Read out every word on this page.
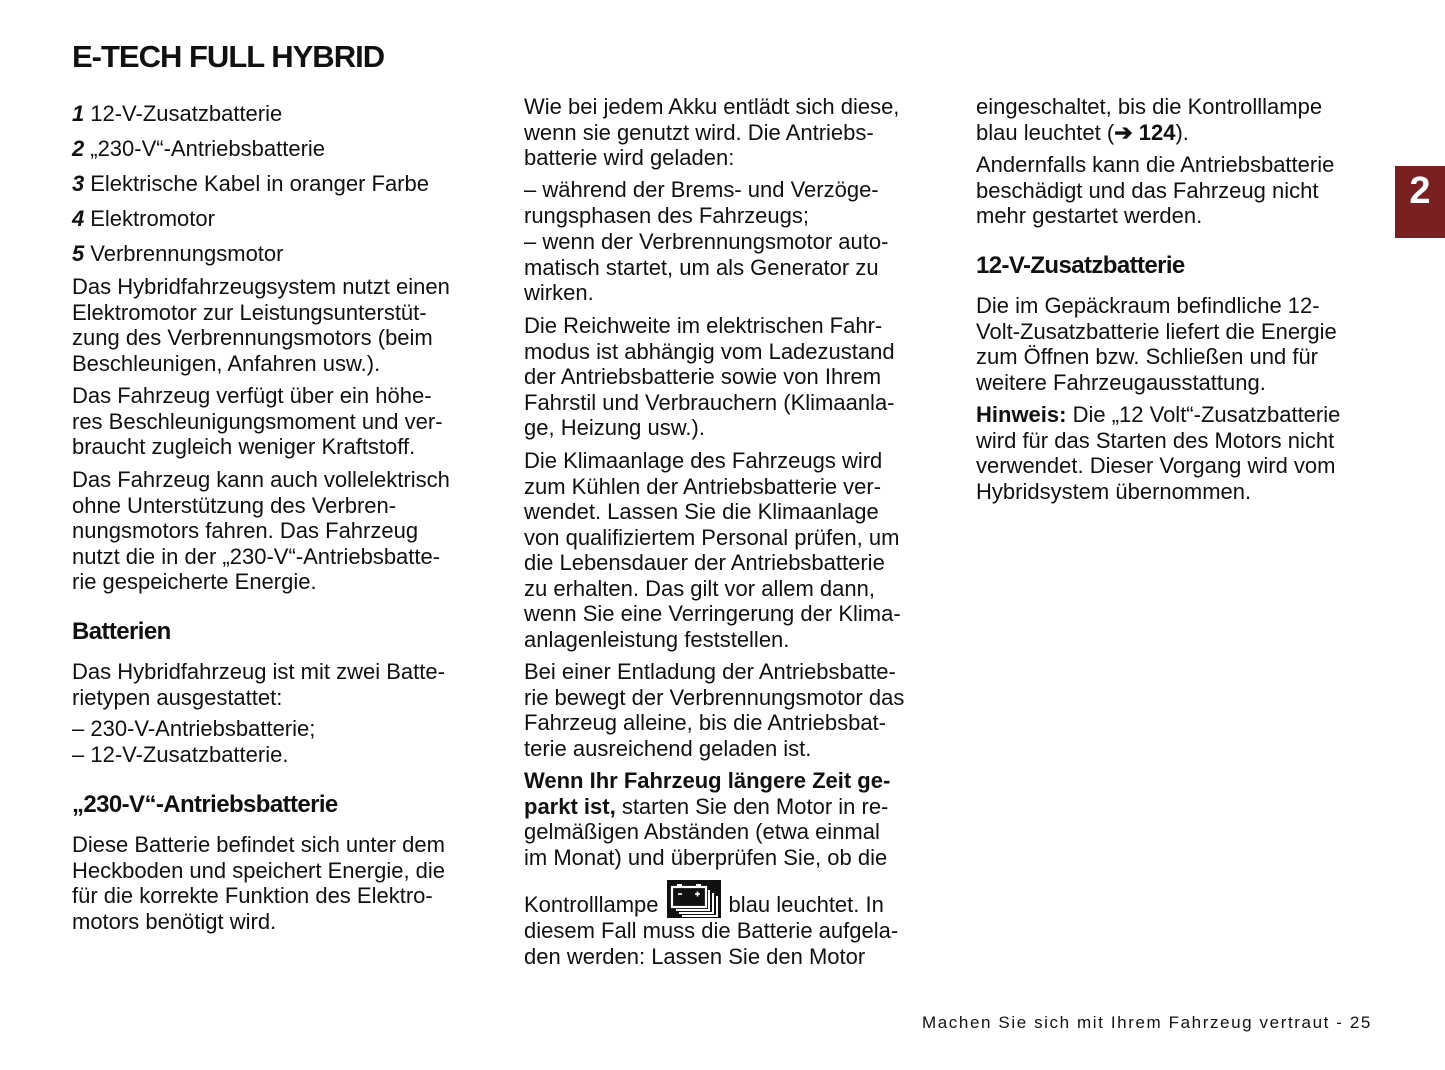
E-TECH FULL HYBRID
2
1 12-V-Zusatzbatterie
2 „230-V“-Antriebsbatterie
3 Elektrische Kabel in oranger Farbe
4 Elektromotor
5 Verbrennungsmotor
Das Hybridfahrzeugsystem nutzt einen
Elektromotor zur Leistungsunterstüt-
zung des Verbrennungsmotors (beim
Beschleunigen, Anfahren usw.).
Das Fahrzeug verfügt über ein höhe-
res Beschleunigungsmoment und ver-
braucht zugleich weniger Kraftstoff.
Das Fahrzeug kann auch vollelektrisch
ohne Unterstützung des Verbren-
nungsmotors fahren. Das Fahrzeug
nutzt die in der „230-V“-Antriebsbatte-
rie gespeicherte Energie.
Batterien
Das Hybridfahrzeug ist mit zwei Batte-
rietypen ausgestattet:
– 230-V-Antriebsbatterie;
– 12-V-Zusatzbatterie.
„230-V“-Antriebsbatterie
Diese Batterie befindet sich unter dem
Heckboden und speichert Energie, die
für die korrekte Funktion des Elektro-
motors benötigt wird.
Wie bei jedem Akku entlädt sich diese,
wenn sie genutzt wird. Die Antriebs-
batterie wird geladen:
– während der Brems- und Verzöge-
rungsphasen des Fahrzeugs;
– wenn der Verbrennungsmotor auto-
matisch startet, um als Generator zu
wirken.
Die Reichweite im elektrischen Fahr-
modus ist abhängig vom Ladezustand
der Antriebsbatterie sowie von Ihrem
Fahrstil und Verbrauchern (Klimaanla-
ge, Heizung usw.).
Die Klimaanlage des Fahrzeugs wird
zum Kühlen der Antriebsbatterie ver-
wendet. Lassen Sie die Klimaanlage
von qualifiziertem Personal prüfen, um
die Lebensdauer der Antriebsbatterie
zu erhalten. Das gilt vor allem dann,
wenn Sie eine Verringerung der Klima-
anlagenleistung feststellen.
Bei einer Entladung der Antriebsbatte-
rie bewegt der Verbrennungsmotor das
Fahrzeug alleine, bis die Antriebsbat-
terie ausreichend geladen ist.
Wenn Ihr Fahrzeug längere Zeit ge-
parkt ist, starten Sie den Motor in re-
gelmäßigen Abständen (etwa einmal
im Monat) und überprüfen Sie, ob die
Kontrolllampe	blau leuchtet. In
diesem Fall muss die Batterie aufgela-
den werden: Lassen Sie den Motor
eingeschaltet, bis die Kontrolllampe
blau leuchtet (➔ 124).
Andernfalls kann die Antriebsbatterie
beschädigt und das Fahrzeug nicht
mehr gestartet werden.
12-V-Zusatzbatterie
Die im Gepäckraum befindliche 12-
Volt-Zusatzbatterie liefert die Energie
zum Öffnen bzw. Schließen und für
weitere Fahrzeugausstattung.
Hinweis: Die „12 Volt“-Zusatzbatterie
wird für das Starten des Motors nicht
verwendet. Dieser Vorgang wird vom
Hybridsystem übernommen.
Machen Sie sich mit Ihrem Fahrzeug vertraut - 25
